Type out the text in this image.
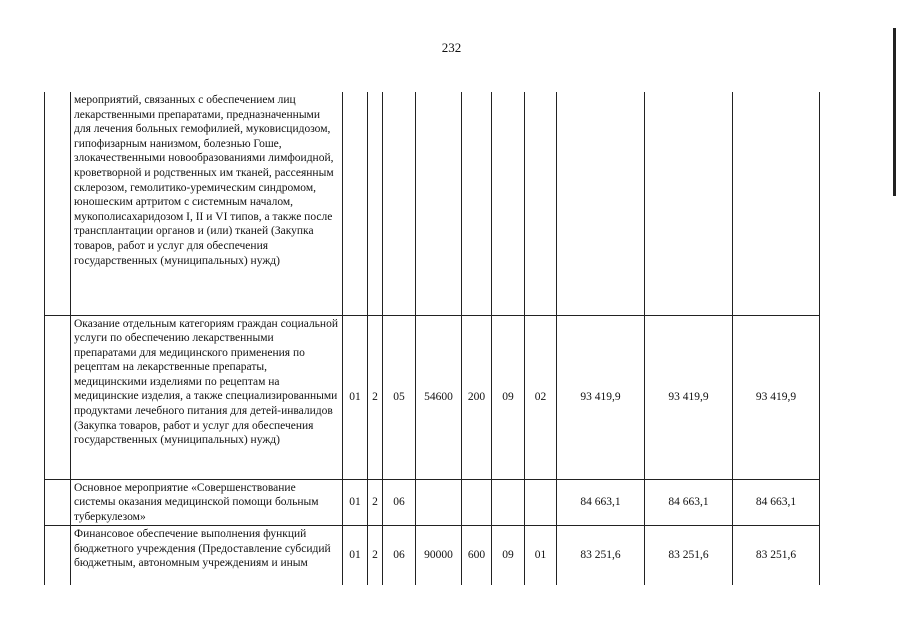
232
	мероприятий, связанных с обеспечением лиц лекарственными препаратами, предназначенными для лечения больных гемофилией, муковисцидозом, гипофизарным нанизмом, болезнью Гоше, злокачественными новообразованиями лимфоидной, кроветворной и родственных им тканей, рассеянным склерозом, гемолитико-уремическим синдромом, юношеским артритом с системным началом, мукополисахаридозом I, II и VI типов, а также после трансплантации органов и (или) тканей (Закупка товаров, работ и услуг для обеспечения государственных (муниципальных) нужд)										
	Оказание отдельным категориям граждан социальной услуги по обеспечению лекарственными препаратами для медицинского применения по рецептам на лекарственные препараты, медицинскими изделиями по рецептам на медицинские изделия, а также специализированными продуктами лечебного питания для детей-инвалидов (Закупка товаров, работ и услуг для обеспечения государственных (муниципальных) нужд)	01	2	05	54600	200	09	02	93 419,9	93 419,9	93 419,9
	Основное мероприятие «Совершенствование системы оказания медицинской помощи больным туберкулезом»	01	2	06					84 663,1	84 663,1	84 663,1
	Финансовое обеспечение выполнения функций бюджетного учреждения (Предоставление субсидий бюджетным, автономным учреждениям и иным	01	2	06	90000	600	09	01	83 251,6	83 251,6	83 251,6
